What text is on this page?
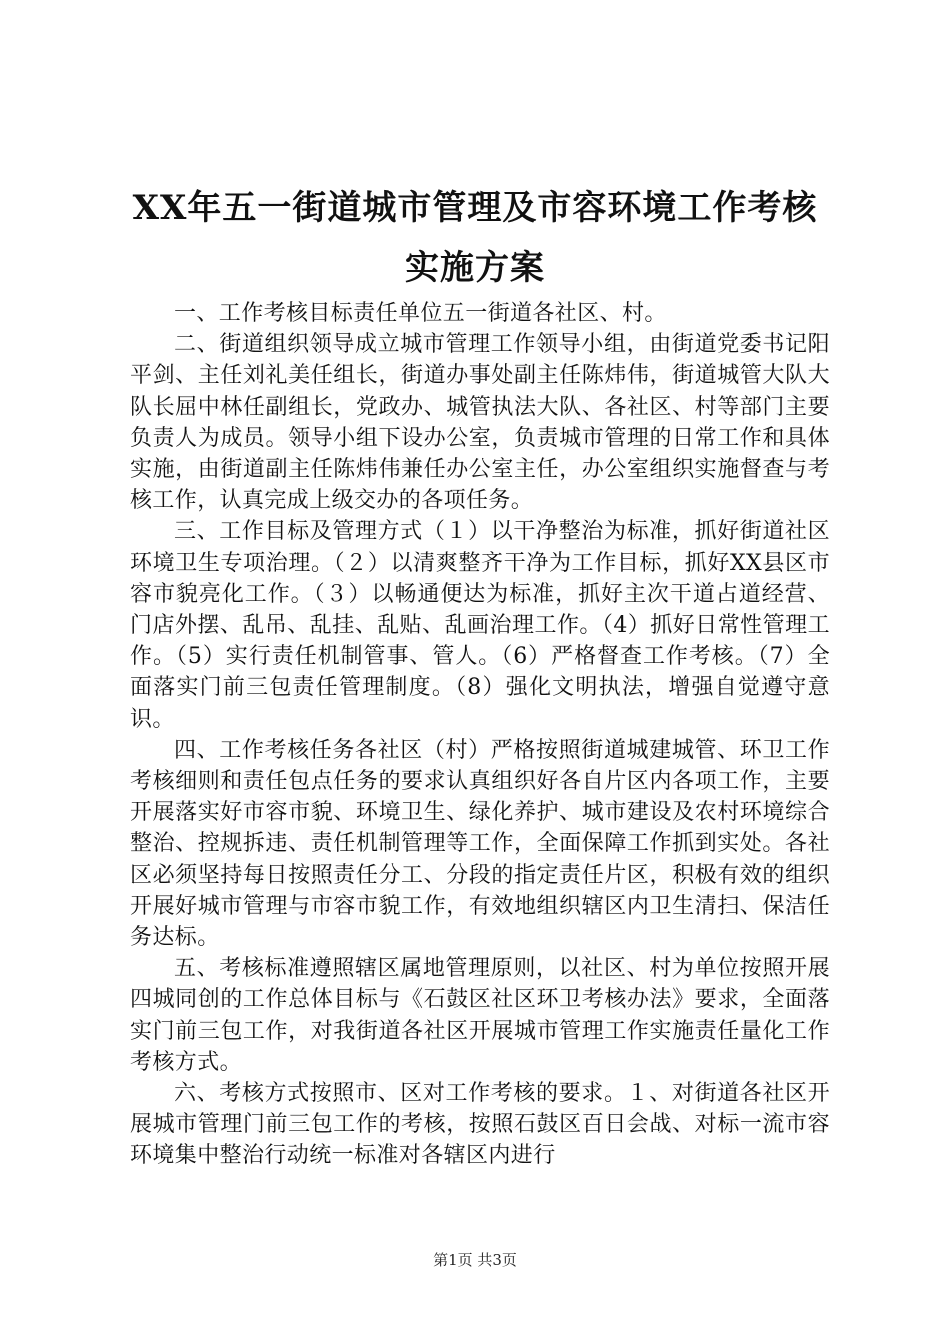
XX年五一街道城市管理及市容环境工作考核
实施方案

一、工作考核目标责任单位五一街道各社区、村。

二、街道组织领导成立城市管理工作领导小组，由街道党委书记阳平剑、主任刘礼美任组长，街道办事处副主任陈炜伟，街道城管大队大队长屈中林任副组长，党政办、城管执法大队、各社区、村等部门主要负责人为成员。领导小组下设办公室，负责城市管理的日常工作和具体实施，由街道副主任陈炜伟兼任办公室主任，办公室组织实施督查与考核工作，认真完成上级交办的各项任务。

三、工作目标及管理方式（１）以干净整治为标准，抓好街道社区环境卫生专项治理。（２）以清爽整齐干净为工作目标，抓好XX县区市容市貌亮化工作。（３）以畅通便达为标准，抓好主次干道占道经营、门店外摆、乱吊、乱挂、乱贴、乱画治理工作。（4）抓好日常性管理工作。（5）实行责任机制管事、管人。（6）严格督查工作考核。（7）全面落实门前三包责任管理制度。（8）强化文明执法，增强自觉遵守意识。

四、工作考核任务各社区（村）严格按照街道城建城管、环卫工作考核细则和责任包点任务的要求认真组织好各自片区内各项工作，主要开展落实好市容市貌、环境卫生、绿化养护、城市建设及农村环境综合整治、控规拆违、责任机制管理等工作，全面保障工作抓到实处。各社区必须坚持每日按照责任分工、分段的指定责任片区，积极有效的组织开展好城市管理与市容市貌工作，有效地组织辖区内卫生清扫、保洁任务达标。

五、考核标准遵照辖区属地管理原则，以社区、村为单位按照开展四城同创的工作总体目标与《石鼓区社区环卫考核办法》要求，全面落实门前三包工作，对我街道各社区开展城市管理工作实施责任量化工作考核方式。

六、考核方式按照市、区对工作考核的要求。１、对街道各社区开展城市管理门前三包工作的考核，按照石鼓区百日会战、对标一流市容环境集中整治行动统一标准对各辖区内进行

第1页 共3页
